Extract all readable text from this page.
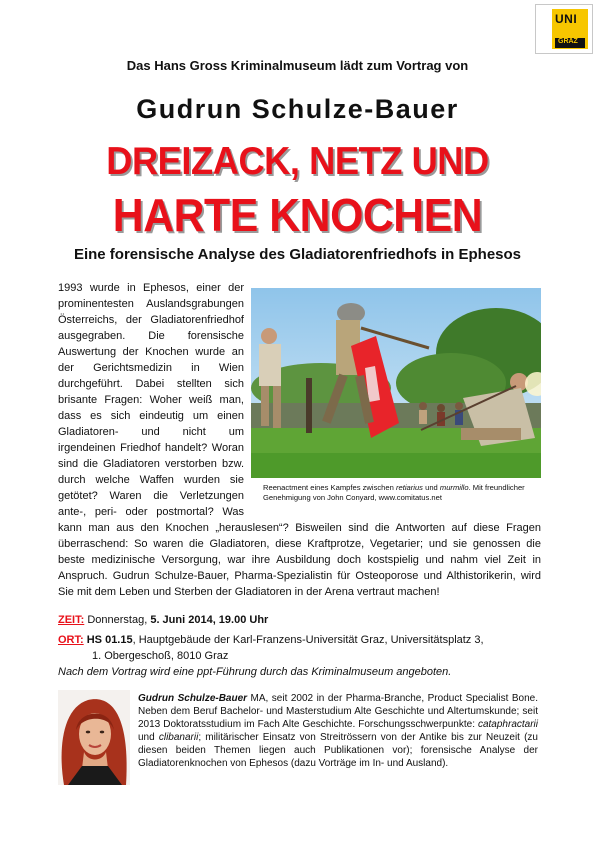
UNI
GRAZ
Das Hans Gross Kriminalmuseum lädt zum Vortrag von
Gudrun Schulze-Bauer
DREIZACK, NETZ UND
HARTE KNOCHEN
Eine forensische Analyse des Gladiatorenfriedhofs in Ephesos
Reenactment eines Kampfes zwischen retiarius und murmillo. Mit freundlicher Genehmigung von John Conyard, www.comitatus.net
1993 wurde in Ephesos, einer der prominentesten Auslandsgrabungen Österreichs, der Gladiatorenfriedhof ausgegraben. Die forensische Auswertung der Knochen wurde an der Gerichtsmedizin in Wien durchgeführt. Dabei stellten sich brisante Fragen: Woher weiß man, dass es sich eindeutig um einen Gladiatoren- und nicht um irgendeinen Friedhof handelt? Woran sind die Gladiatoren verstorben bzw. durch welche Waffen wurden sie getötet? Waren die Verletzungen ante-, peri- oder postmortal? Was kann man aus den Knochen „herauslesen“? Bisweilen sind die Antworten auf diese Fragen überraschend: So waren die Gladiatoren, diese Kraftprotze, Vegetarier; und sie genossen die beste medizinische Versorgung, war ihre Ausbildung doch kostspielig und nahm viel Zeit in Anspruch. Gudrun Schulze-Bauer, Pharma-Spezialistin für Osteoporose und Althistorikerin, wird Sie mit dem Leben und Sterben der Gladiatoren in der Arena vertraut machen!
ZEIT: Donnerstag, 5. Juni 2014, 19.00 Uhr
ORT: HS 01.15, Hauptgebäude der Karl-Franzens-Universität Graz, Universitätsplatz 3,
1. Obergeschoß, 8010 Graz
Nach dem Vortrag wird eine ppt-Führung durch das Kriminalmuseum angeboten.
Gudrun Schulze-Bauer MA, seit 2002 in der Pharma-Branche, Product Specialist Bone. Neben dem Beruf Bachelor- und Masterstudium Alte Geschichte und Altertumskunde; seit 2013 Doktoratsstudium im Fach Alte Geschichte. Forschungsschwerpunkte: cataphractarii und clibanarii; militärischer Einsatz von Streitrössern von der Antike bis zur Neuzeit (zu diesen beiden Themen liegen auch Publikationen vor); forensische Analyse der Gladiatorenknochen von Ephesos (dazu Vorträge im In- und Ausland).
